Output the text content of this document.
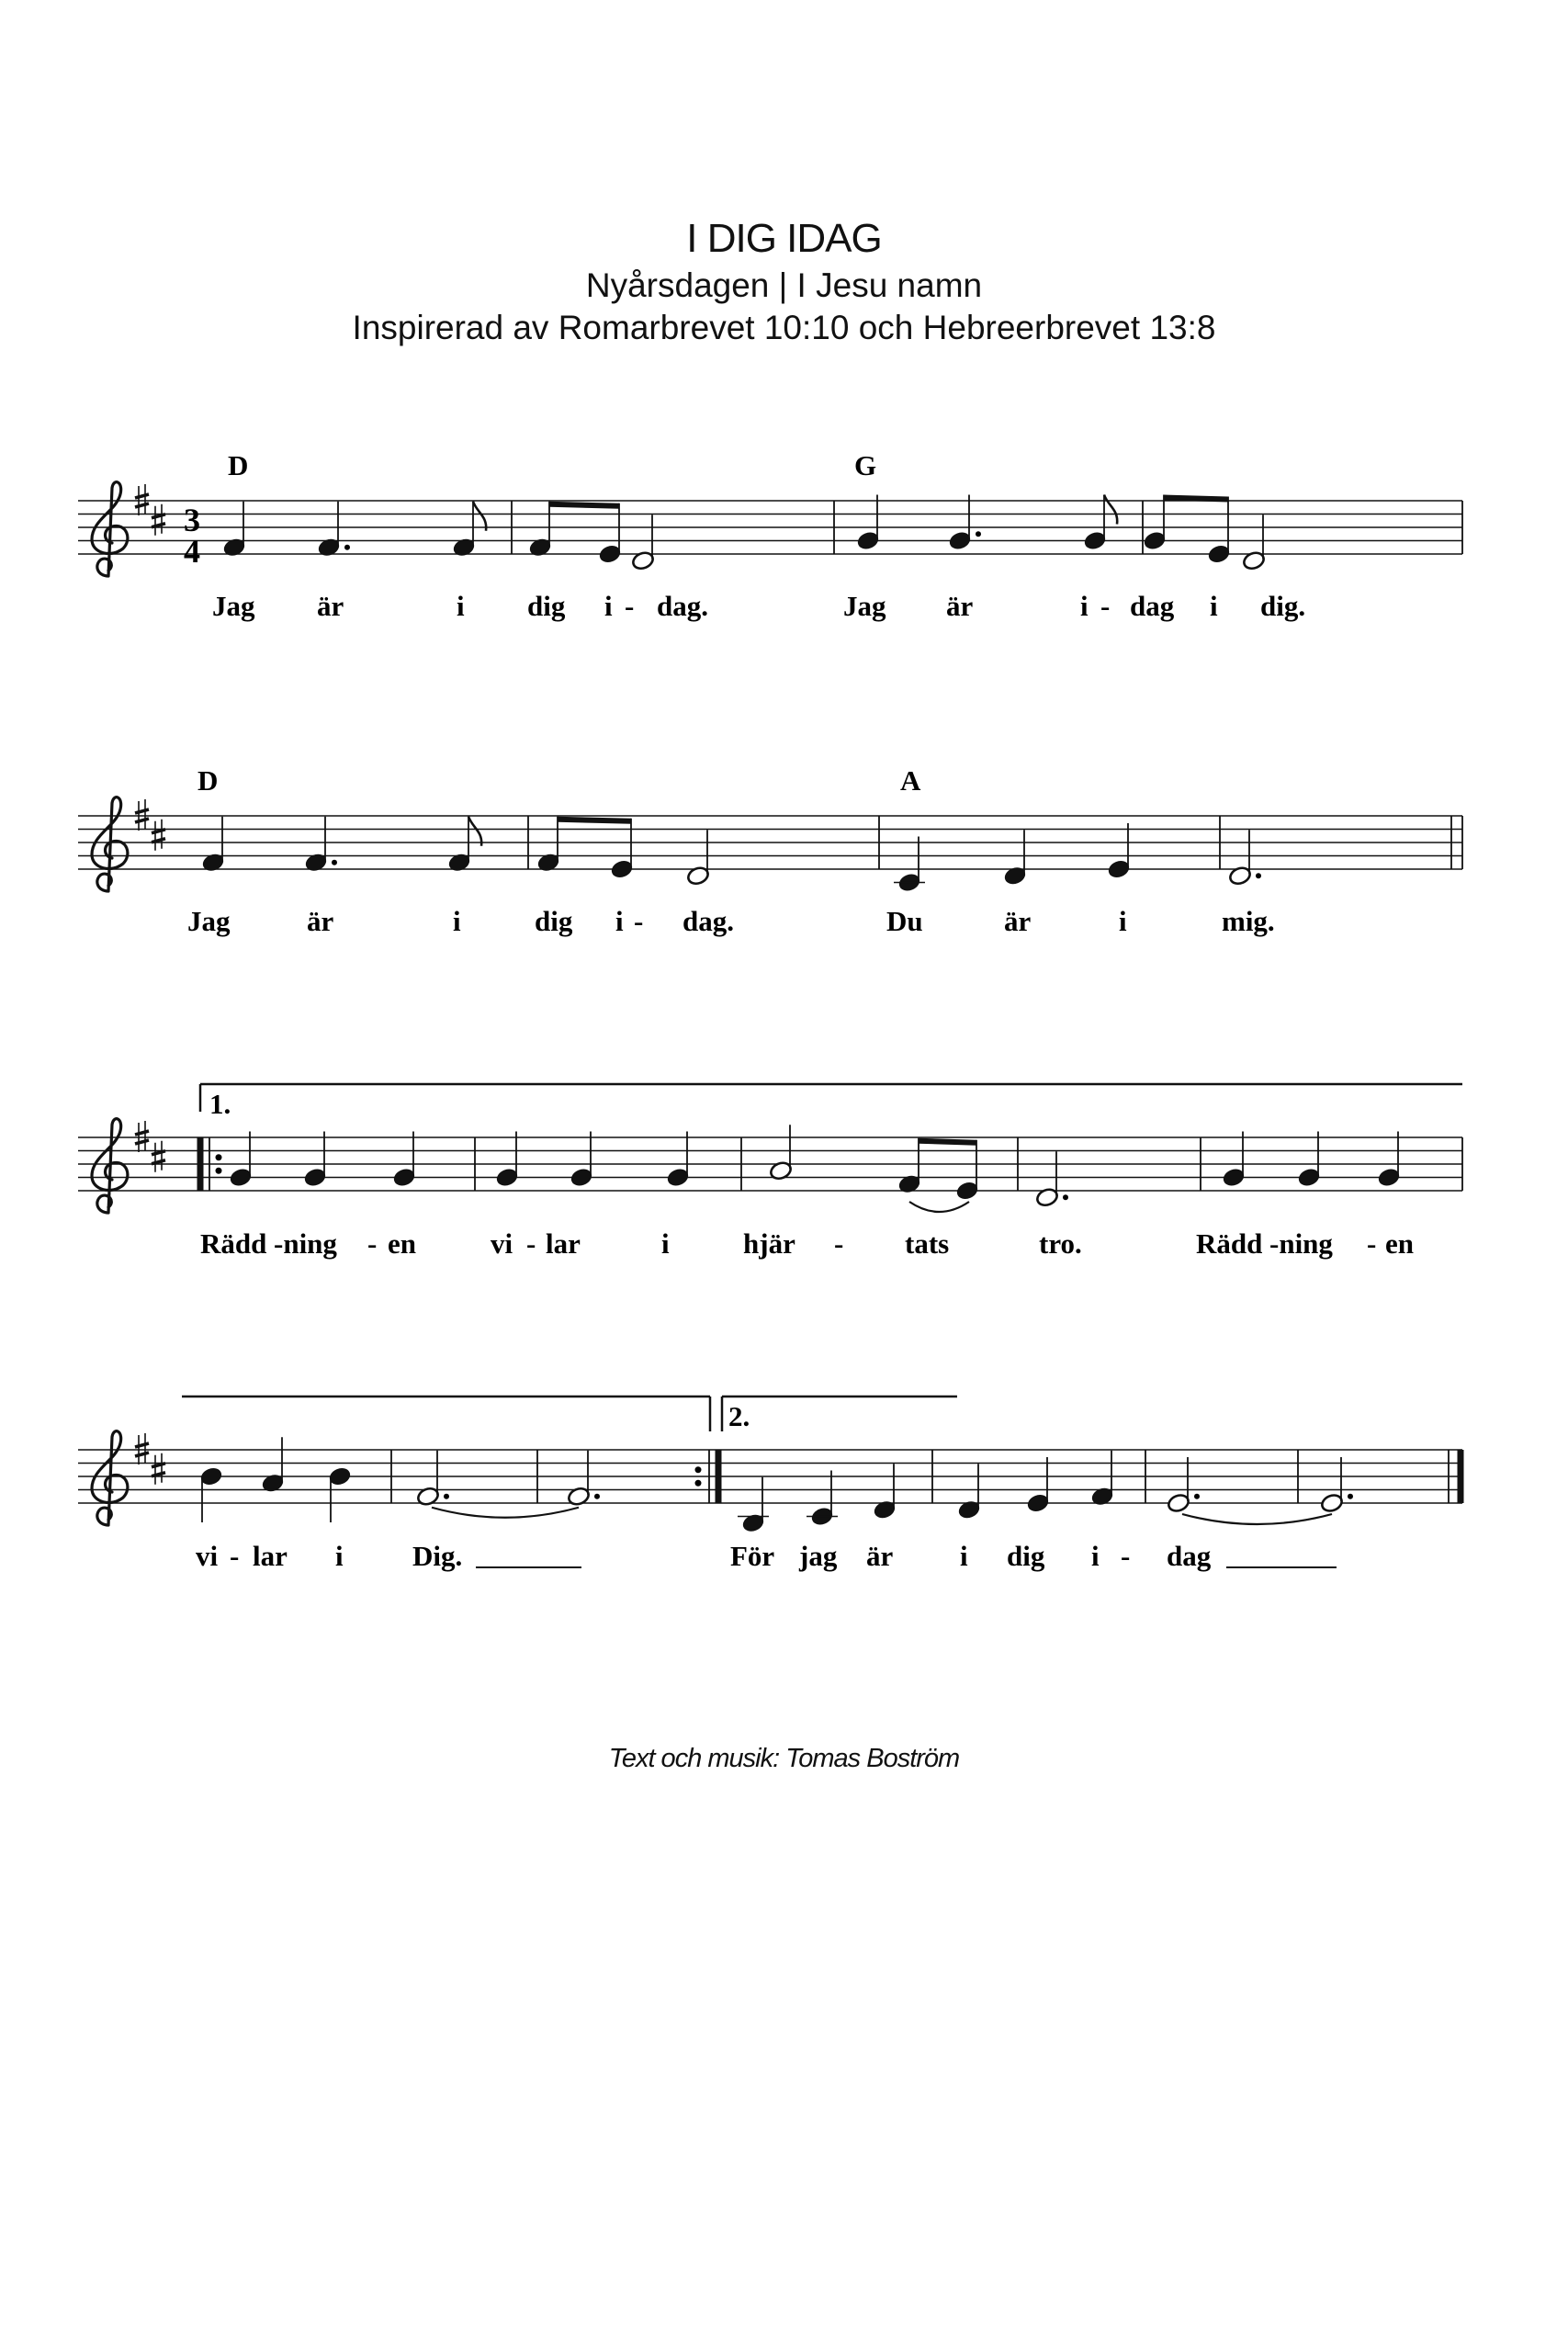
I DIG IDAG
Nyårsdagen | I Jesu namn
Inspirerad av Romarbrevet 10:10 och Hebreerbrevet 13:8
D	G
D	A
3
4
1.
2.
Jag är	i dig i - dag.	Jag är	i - dag i dig.
Jag	är	i	dig i - dag.	Du	är	i	mig.
Rädd -ning - en	vi - lar	i	hjär - tats	tro.	Rädd -ning - en
vi - lar i Dig.	För jag är i dig i - dag
Text och musik: Tomas Boström
